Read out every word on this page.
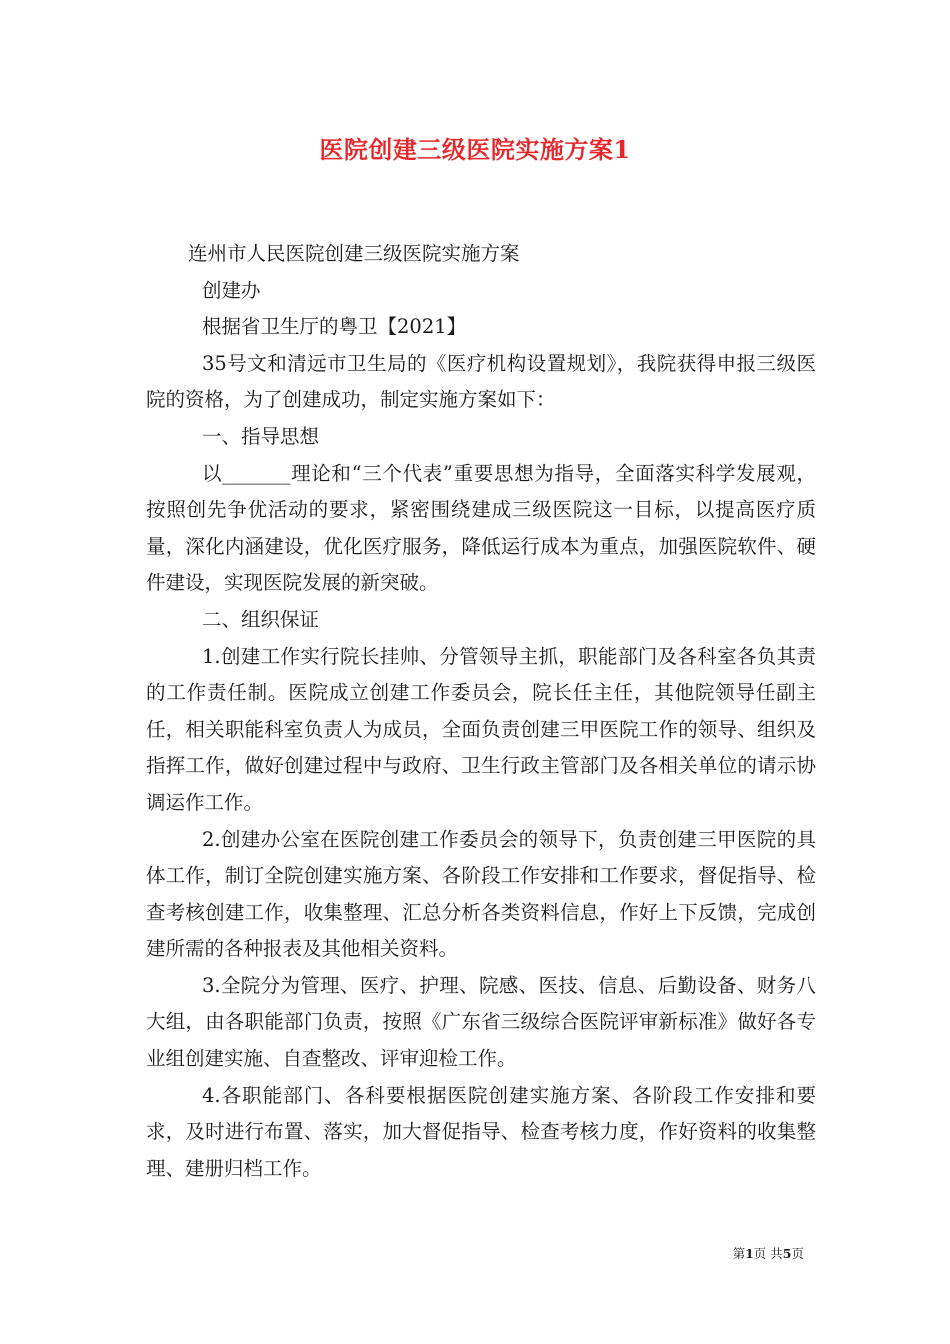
医院创建三级医院实施方案1

连州市人民医院创建三级医院实施方案

创建办

根据省卫生厅的粤卫【2021】

35号文和清远市卫生局的《医疗机构设置规划》，我院获得申报三级医院的资格，为了创建成功，制定实施方案如下：

一、指导思想

以_______理论和“三个代表”重要思想为指导，全面落实科学发展观，按照创先争优活动的要求，紧密围绕建成三级医院这一目标，以提高医疗质量，深化内涵建设，优化医疗服务，降低运行成本为重点，加强医院软件、硬件建设，实现医院发展的新突破。

二、组织保证

1.创建工作实行院长挂帅、分管领导主抓，职能部门及各科室各负其责的工作责任制。医院成立创建工作委员会，院长任主任，其他院领导任副主任，相关职能科室负责人为成员，全面负责创建三甲医院工作的领导、组织及指挥工作，做好创建过程中与政府、卫生行政主管部门及各相关单位的请示协调运作工作。

2.创建办公室在医院创建工作委员会的领导下，负责创建三甲医院的具体工作，制订全院创建实施方案、各阶段工作安排和工作要求，督促指导、检查考核创建工作，收集整理、汇总分析各类资料信息，作好上下反馈，完成创建所需的各种报表及其他相关资料。

3.全院分为管理、医疗、护理、院感、医技、信息、后勤设备、财务八大组，由各职能部门负责，按照《广东省三级综合医院评审新标准》做好各专业组创建实施、自查整改、评审迎检工作。

4.各职能部门、各科要根据医院创建实施方案、各阶段工作安排和要求，及时进行布置、落实，加大督促指导、检查考核力度，作好资料的收集整理、建册归档工作。

第1页 共5页
